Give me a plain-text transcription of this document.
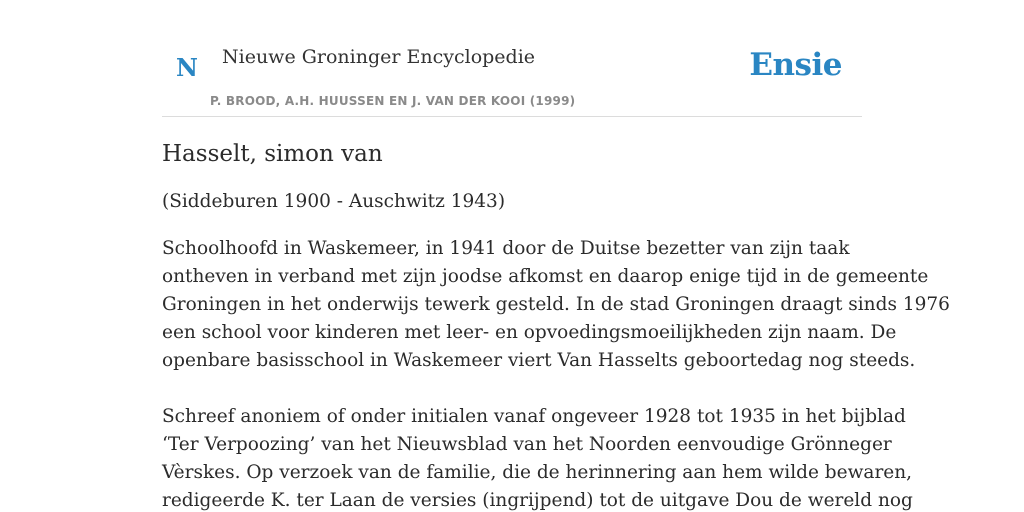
N Nieuwe Groninger Encyclopedie
P. BROOD, A.H. HUUSSEN EN J. VAN DER KOOI (1999)
Ensie
Hasselt, simon van

(Siddeburen 1900 - Auschwitz 1943)

Schoolhoofd in Waskemeer, in 1941 door de Duitse bezetter van zijn taak
ontheven in verband met zijn joodse afkomst en daarop enige tijd in de gemeente
Groningen in het onderwijs tewerk gesteld. In de stad Groningen draagt sinds 1976
een school voor kinderen met leer- en opvoedingsmoeilijkheden zijn naam. De
openbare basisschool in Waskemeer viert Van Hasselts geboortedag nog steeds.

Schreef anoniem of onder initialen vanaf ongeveer 1928 tot 1935 in het bijblad
‘Ter Verpoozing’ van het Nieuwsblad van het Noorden eenvoudige Grönneger
Vèrskes. Op verzoek van de familie, die de herinnering aan hem wilde bewaren,
redigeerde K. ter Laan de versies (ingrijpend) tot de uitgave Dou de wereld nog
